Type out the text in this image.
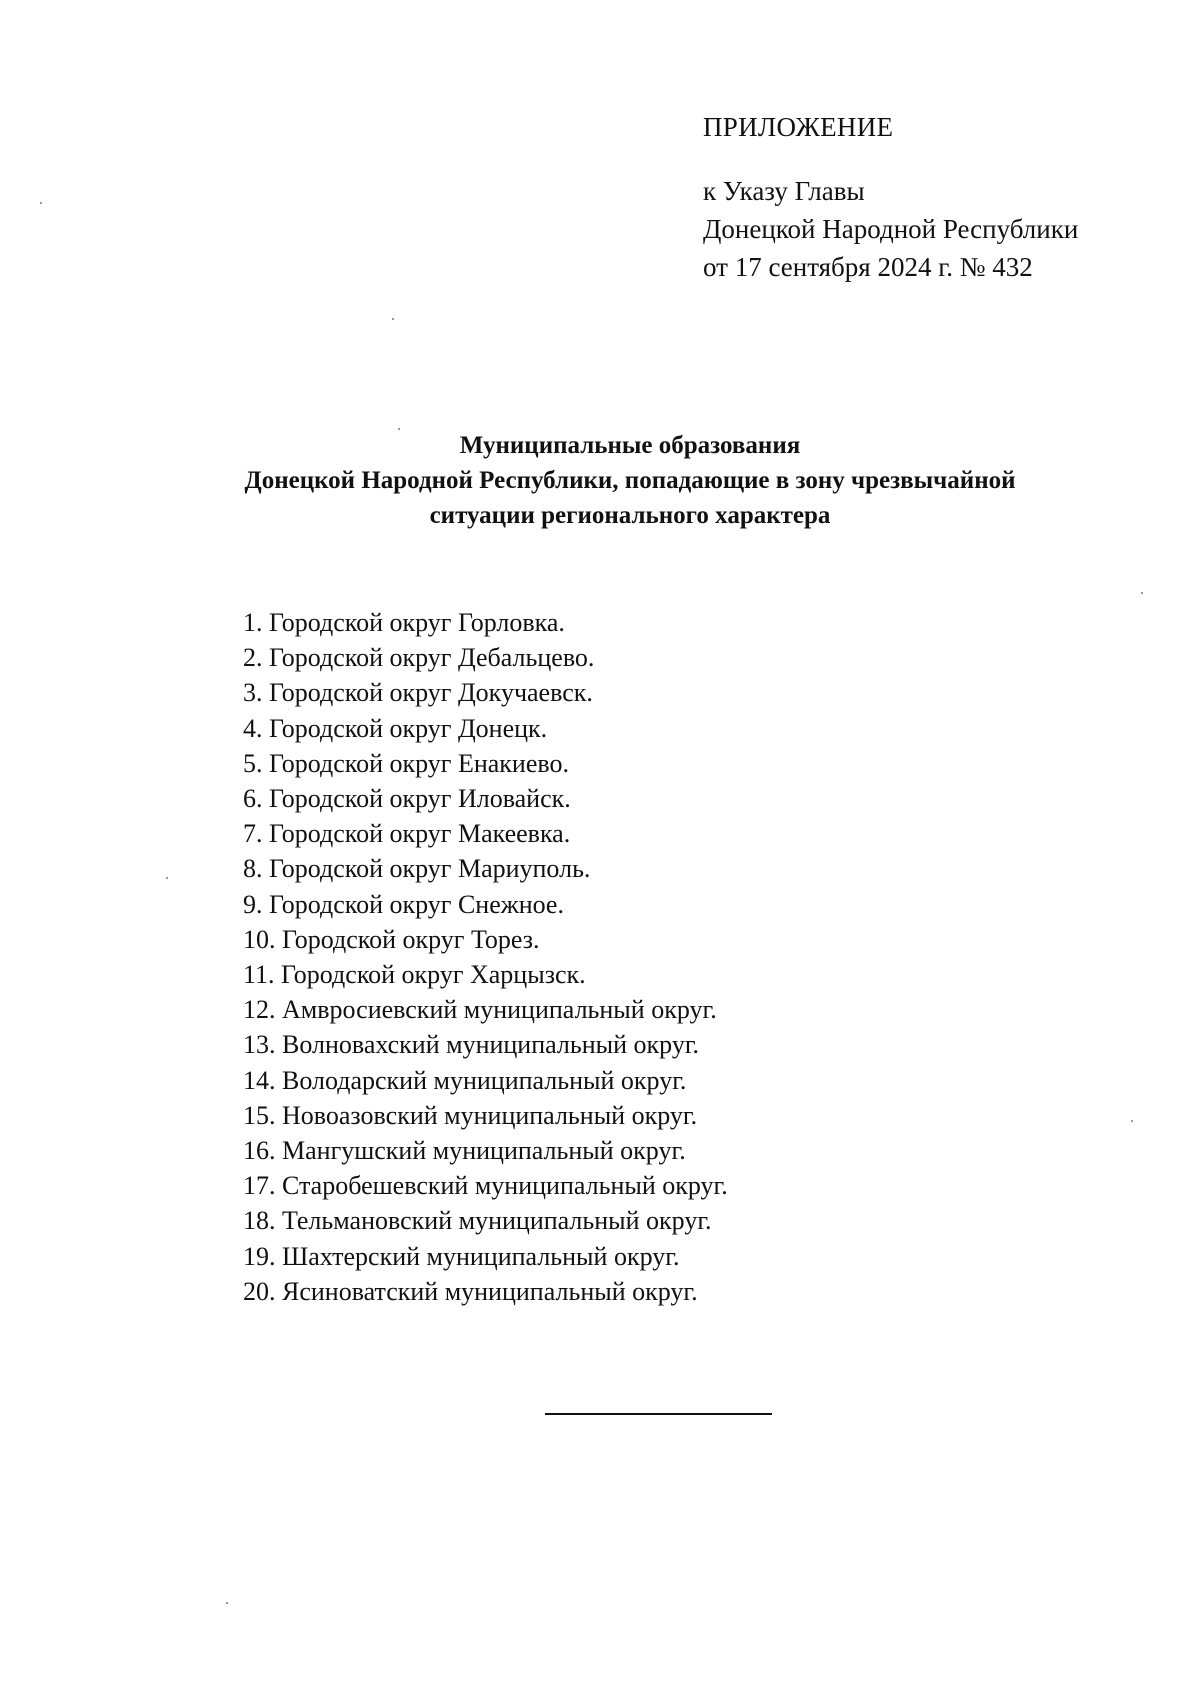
ПРИЛОЖЕНИЕ
к Указу Главы
Донецкой Народной Республики
от 17 сентября 2024 г. № 432
Муниципальные образования
Донецкой Народной Республики, попадающие в зону чрезвычайной
ситуации регионального характера
1. Городской округ Горловка.
2. Городской округ Дебальцево.
3. Городской округ Докучаевск.
4. Городской округ Донецк.
5. Городской округ Енакиево.
6. Городской округ Иловайск.
7. Городской округ Макеевка.
8. Городской округ Мариуполь.
9. Городской округ Снежное.
10. Городской округ Торез.
11. Городской округ Харцызск.
12. Амвросиевский муниципальный округ.
13. Волновахский муниципальный округ.
14. Володарский муниципальный округ.
15. Новоазовский муниципальный округ.
16. Мангушский муниципальный округ.
17. Старобешевский муниципальный округ.
18. Тельмановский муниципальный округ.
19. Шахтерский муниципальный округ.
20. Ясиноватский муниципальный округ.
